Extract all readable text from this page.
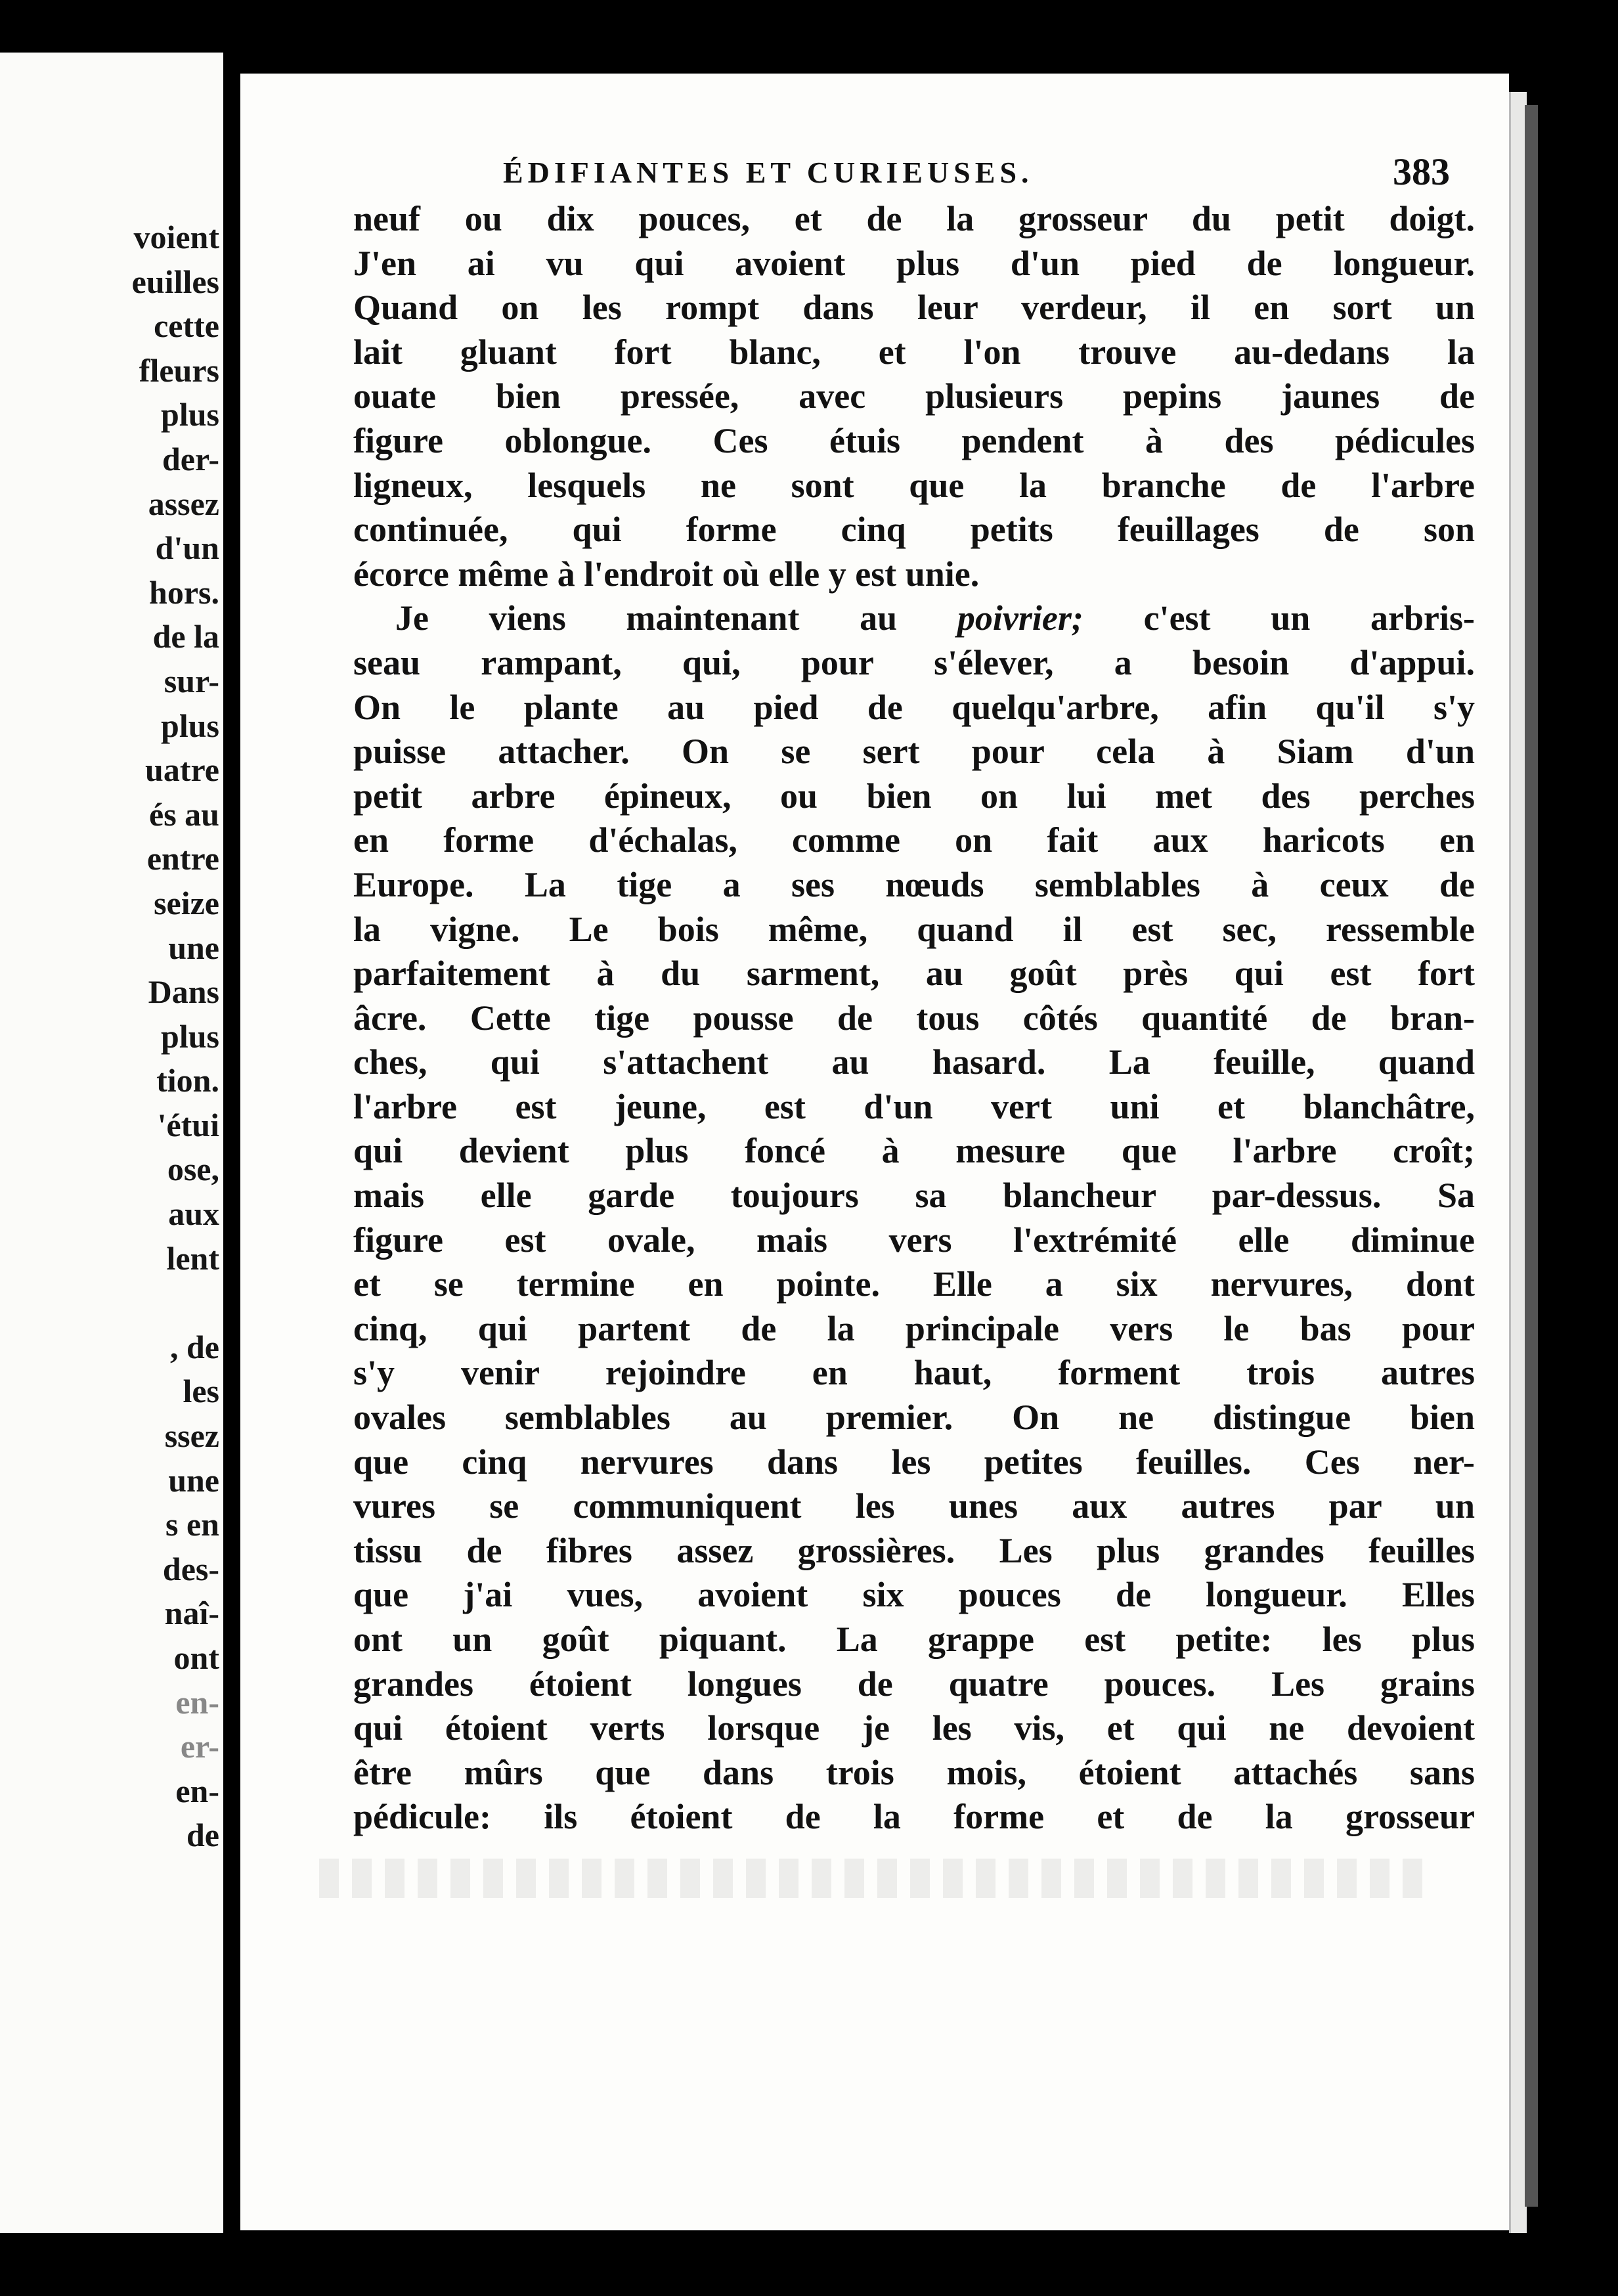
voient
euilles
cette
fleurs
plus
der-
assez
d'un
hors.
de la
sur-
plus
uatre
és au
entre
seize
une
Dans
plus
tion.
'étui
ose,
aux
lent
, de
les
ssez
une
s en
des-
naî-
ont
en-
er-
en-
de
ÉDIFIANTES ET CURIEUSES.	383
neuf ou dix pouces, et de la grosseur du petit doigt.
J'en ai vu qui avoient plus d'un pied de longueur.
Quand on les rompt dans leur verdeur, il en sort un
lait gluant fort blanc, et l'on trouve au-dedans la
ouate bien pressée, avec plusieurs pepins jaunes de
figure oblongue. Ces étuis pendent à des pédicules
ligneux, lesquels ne sont que la branche de l'arbre
continuée, qui forme cinq petits feuillages de son
écorce même à l'endroit où elle y est unie.
Je viens maintenant au poivrier; c'est un arbris-
seau rampant, qui, pour s'élever, a besoin d'appui.
On le plante au pied de quelqu'arbre, afin qu'il s'y
puisse attacher. On se sert pour cela à Siam d'un
petit arbre épineux, ou bien on lui met des perches
en forme d'échalas, comme on fait aux haricots en
Europe. La tige a ses nœuds semblables à ceux de
la vigne. Le bois même, quand il est sec, ressemble
parfaitement à du sarment, au goût près qui est fort
âcre. Cette tige pousse de tous côtés quantité de bran-
ches, qui s'attachent au hasard. La feuille, quand
l'arbre est jeune, est d'un vert uni et blanchâtre,
qui devient plus foncé à mesure que l'arbre croît;
mais elle garde toujours sa blancheur par-dessus. Sa
figure est ovale, mais vers l'extrémité elle diminue
et se termine en pointe. Elle a six nervures, dont
cinq, qui partent de la principale vers le bas pour
s'y venir rejoindre en haut, forment trois autres
ovales semblables au premier. On ne distingue bien
que cinq nervures dans les petites feuilles. Ces ner-
vures se communiquent les unes aux autres par un
tissu de fibres assez grossières. Les plus grandes feuilles
que j'ai vues, avoient six pouces de longueur. Elles
ont un goût piquant. La grappe est petite: les plus
grandes étoient longues de quatre pouces. Les grains
qui étoient verts lorsque je les vis, et qui ne devoient
être mûrs que dans trois mois, étoient attachés sans
pédicule: ils étoient de la forme et de la grosseur
